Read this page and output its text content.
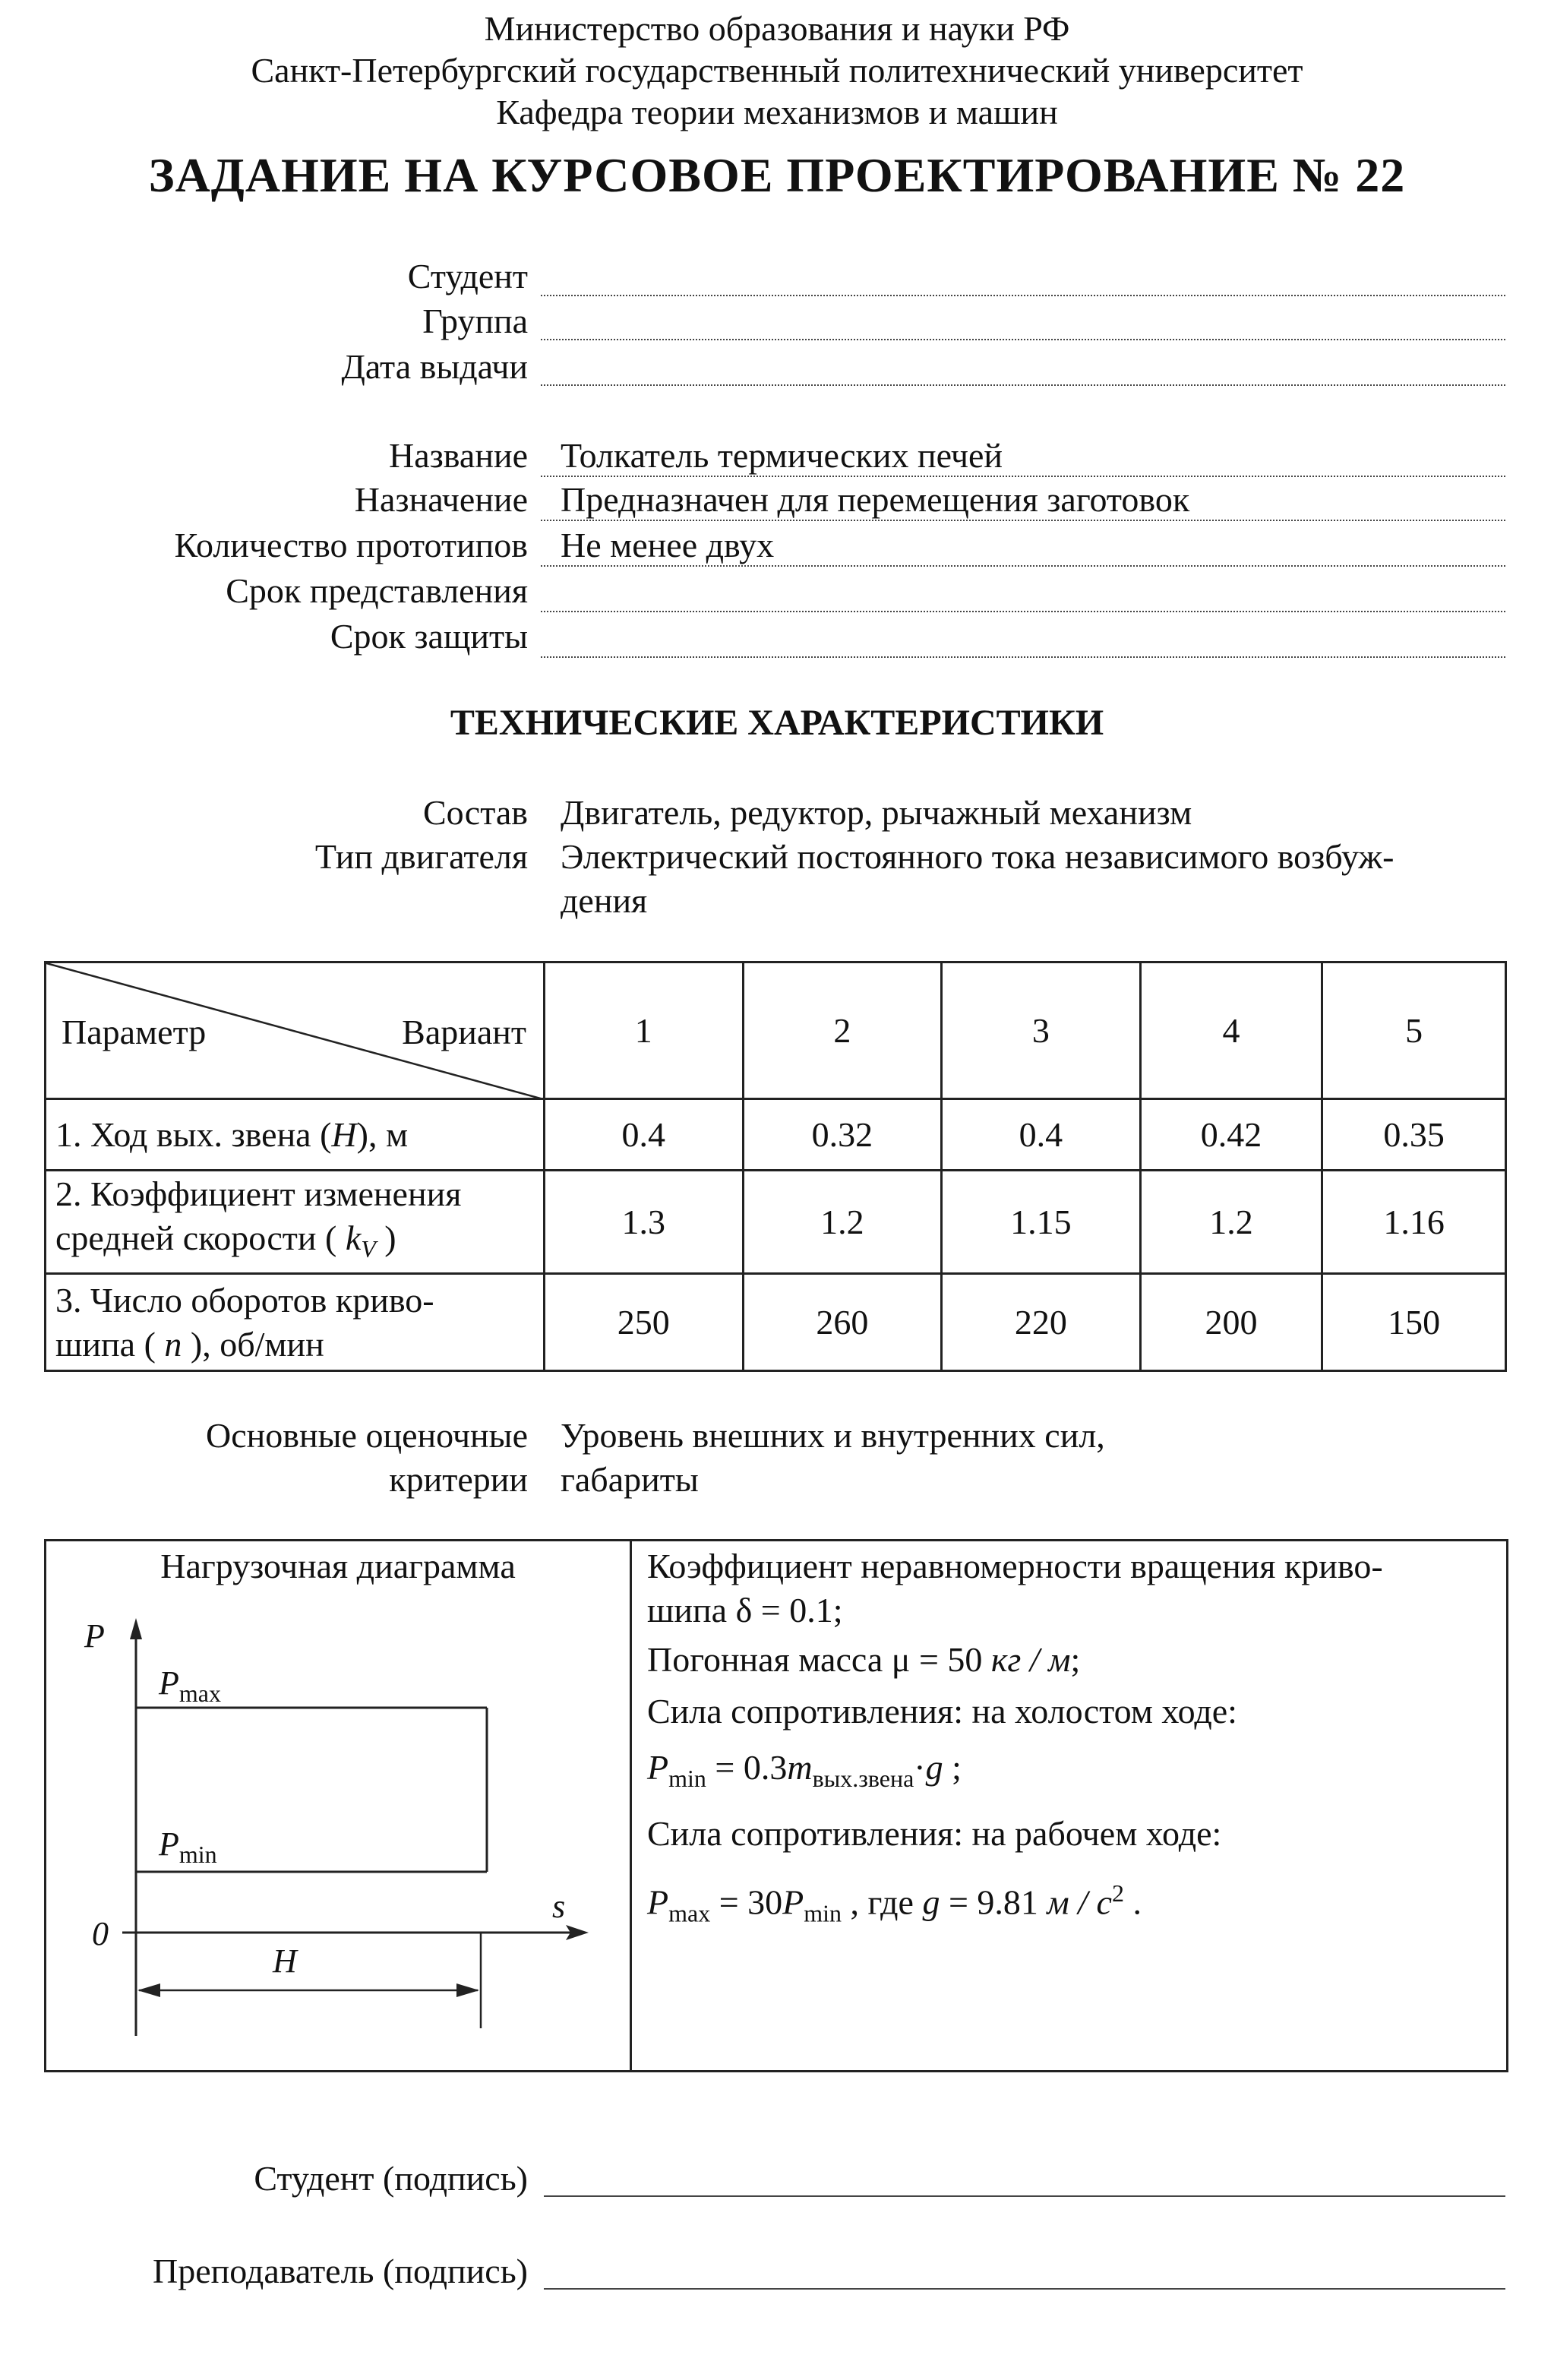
Министерство образования и науки РФ
Санкт-Петербургский государственный политехнический университет
Кафедра теории механизмов и машин
ЗАДАНИЕ НА КУРСОВОЕ ПРОЕКТИРОВАНИЕ № 22
Студент
Группа
Дата выдачи
Название Толкатель термических печей
Назначение Предназначен для перемещения заготовок
Количество прототипов Не менее двух
Срок представления
Срок защиты
ТЕХНИЧЕСКИЕ ХАРАКТЕРИСТИКИ
Состав Двигатель, редуктор, рычажный механизм
Тип двигателя Электрический постоянного тока независимого возбуж-
дения
Параметр Вариант	1	2	3	4	5
1. Ход вых. звена (H), м	0.4	0.32	0.4	0.42	0.35

2. Коэффициент изменения
средней скорости ( $k_V$ )	1.3	1.2	1.15	1.2	1.16

3. Число оборотов криво-
шипа ( n ), об/мин	250	260	220	200	150
Основные оценочные
критерии
Уровень внешних и внутренних сил,
габариты
Нагрузочная диаграмма
P
$P_{max}$
$P_{min}$
0
s
H
Коэффициент неравномерности вращения криво-
шипа δ = 0.1;
Погонная масса μ = 50 кг / м;
Сила сопротивления: на холостом ходе:
$P_{min} = 0.3m_{вых.звена}\cdot g$ ;
Сила сопротивления: на рабочем ходе:
$P_{max} = 30P_{min}$ , где g = 9.81 м / $с^2$ .
Студент (подпись)
Преподаватель (подпись)
